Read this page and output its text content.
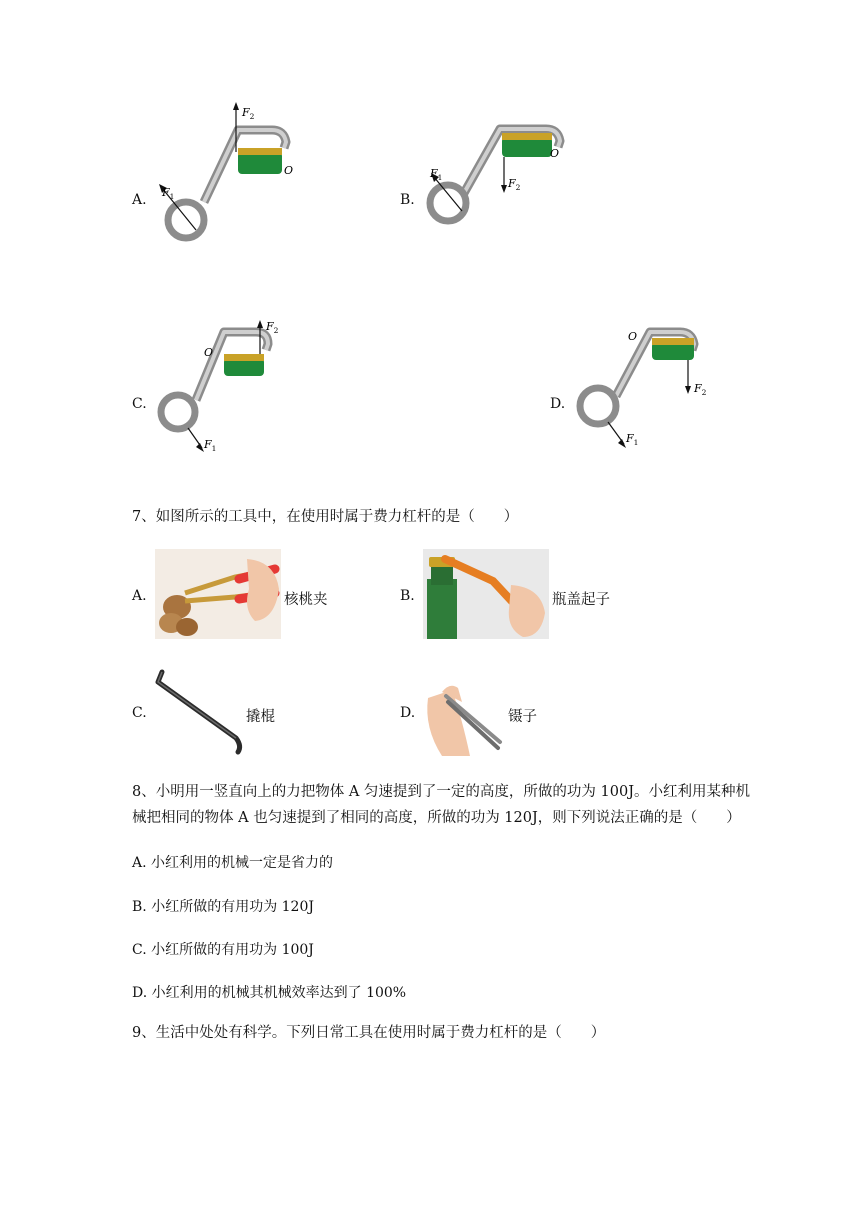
A.
$F_2$
$F_1$
O
B.
$F_2$
$F_1$
O
C.
$F_2$
$F_1$
O
D.
$F_2$
$F_1$
O
7、如图所示的工具中，在使用时属于费力杠杆的是（　　）
A.	核桃夹	B.	瓶盖起子
C.	撬棍	D.	镊子
8、小明用一竖直向上的力把物体 A 匀速提到了一定的高度，所做的功为 100J。小红利用某种机
械把相同的物体 A 也匀速提到了相同的高度，所做的功为 120J，则下列说法正确的是（　　）
A. 小红利用的机械一定是省力的
B. 小红所做的有用功为 120J
C. 小红所做的有用功为 100J
D. 小红利用的机械其机械效率达到了 100%
9、生活中处处有科学。下列日常工具在使用时属于费力杠杆的是（　　）
